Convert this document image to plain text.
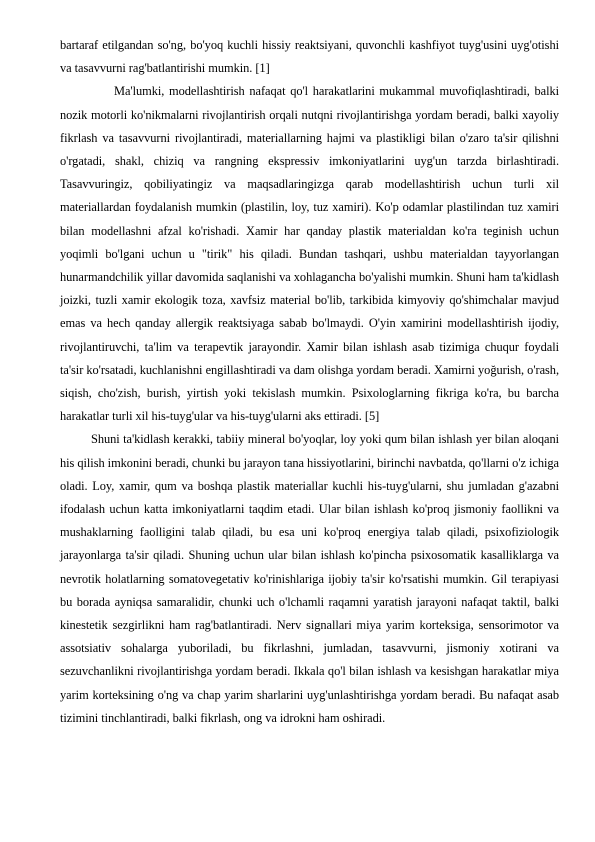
bartaraf etilgandan so'ng, bo'yoq kuchli hissiy reaktsiyani, quvonchli kashfiyot tuyg'usini uyg'otishi va tasavvurni rag'batlantirishi mumkin. [1]

Ma'lumki, modellashtirish nafaqat qo'l harakatlarini mukammal muvofiqlashtiradi, balki nozik motorli ko'nikmalarni rivojlantirish orqali nutqni rivojlantirishga yordam beradi, balki xayoliy fikrlash va tasavvurni rivojlantiradi, materiallarning hajmi va plastikligi bilan o'zaro ta'sir qilishni o'rgatadi, shakl, chiziq va rangning ekspressiv imkoniyatlarini uyg'un tarzda birlashtiradi. Tasavvuringiz, qobiliyatingiz va maqsadlaringizga qarab modellashtirish uchun turli xil materiallardan foydalanish mumkin (plastilin, loy, tuz xamiri). Ko'p odamlar plastilindan tuz xamiri bilan modellashni afzal ko'rishadi. Xamir har qanday plastik materialdan ko'ra teginish uchun yoqimli bo'lgani uchun u "tirik" his qiladi. Bundan tashqari, ushbu materialdan tayyorlangan hunarmandchilik yillar davomida saqlanishi va xohlagancha bo'yalishi mumkin. Shuni ham ta'kidlash joizki, tuzli xamir ekologik toza, xavfsiz material bo'lib, tarkibida kimyoviy qo'shimchalar mavjud emas va hech qanday allergik reaktsiyaga sabab bo'lmaydi. O'yin xamirini modellashtirish ijodiy, rivojlantiruvchi, ta'lim va terapevtik jarayondir. Xamir bilan ishlash asab tizimiga chuqur foydali ta'sir ko'rsatadi, kuchlanishni engillashtiradi va dam olishga yordam beradi. Xamirni yoğurish, o'rash, siqish, cho'zish, burish, yirtish yoki tekislash mumkin. Psixologlarning fikriga ko'ra, bu barcha harakatlar turli xil his-tuyg'ular va his-tuyg'ularni aks ettiradi. [5]

Shuni ta'kidlash kerakki, tabiiy mineral bo'yoqlar, loy yoki qum bilan ishlash yer bilan aloqani his qilish imkonini beradi, chunki bu jarayon tana hissiyotlarini, birinchi navbatda, qo'llarni o'z ichiga oladi. Loy, xamir, qum va boshqa plastik materiallar kuchli his-tuyg'ularni, shu jumladan g'azabni ifodalash uchun katta imkoniyatlarni taqdim etadi. Ular bilan ishlash ko'proq jismoniy faollikni va mushaklarning faolligini talab qiladi, bu esa uni ko'proq energiya talab qiladi, psixofiziologik jarayonlarga ta'sir qiladi. Shuning uchun ular bilan ishlash ko'pincha psixosomatik kasalliklarga va nevrotik holatlarning somatovegetativ ko'rinishlariga ijobiy ta'sir ko'rsatishi mumkin. Gil terapiyasi bu borada ayniqsa samaralidir, chunki uch o'lchamli raqamni yaratish jarayoni nafaqat taktil, balki kinestetik sezgirlikni ham rag'batlantiradi. Nerv signallari miya yarim korteksiga, sensorimotor va assotsiativ sohalarga yuboriladi, bu fikrlashni, jumladan, tasavvurni, jismoniy xotirani va sezuvchanlikni rivojlantirishga yordam beradi. Ikkala qo'l bilan ishlash va kesishgan harakatlar miya yarim korteksining o'ng va chap yarim sharlarini uyg'unlashtirishga yordam beradi. Bu nafaqat asab tizimini tinchlantiradi, balki fikrlash, ong va idrokni ham oshiradi.
